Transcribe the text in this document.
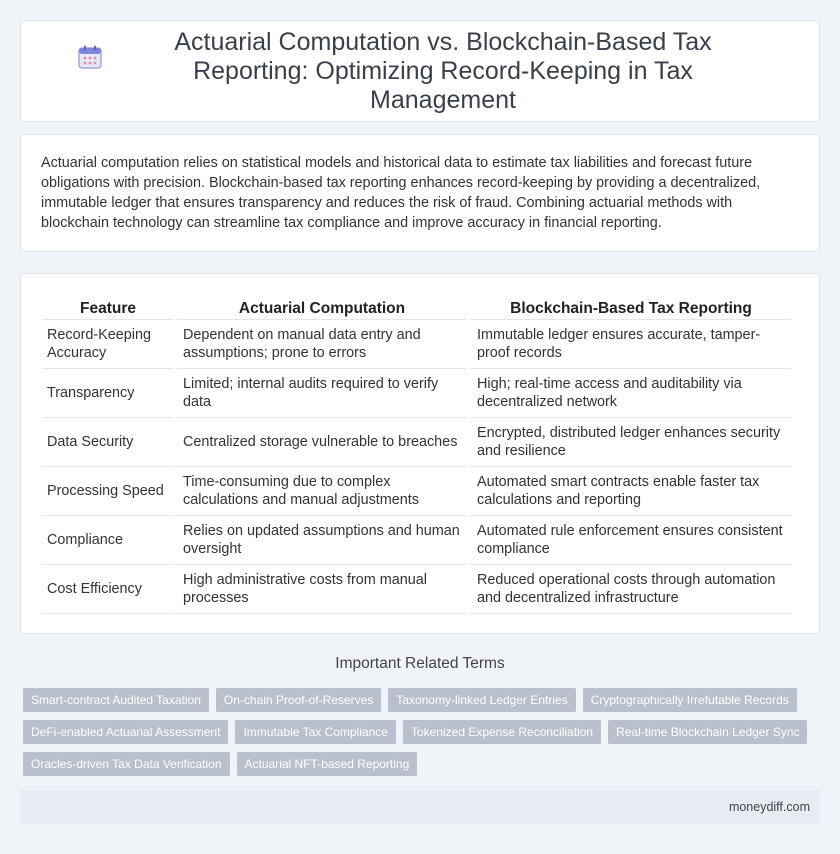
Actuarial Computation vs. Blockchain-Based Tax Reporting: Optimizing Record-Keeping in Tax Management

Actuarial computation relies on statistical models and historical data to estimate tax liabilities and forecast future obligations with precision. Blockchain-based tax reporting enhances record-keeping by providing a decentralized, immutable ledger that ensures transparency and reduces the risk of fraud. Combining actuarial methods with blockchain technology can streamline tax compliance and improve accuracy in financial reporting.

Feature	Actuarial Computation	Blockchain-Based Tax Reporting
Record-Keeping Accuracy	Dependent on manual data entry and assumptions; prone to errors	Immutable ledger ensures accurate, tamper-proof records
Transparency	Limited; internal audits required to verify data	High; real-time access and auditability via decentralized network
Data Security	Centralized storage vulnerable to breaches	Encrypted, distributed ledger enhances security and resilience
Processing Speed	Time-consuming due to complex calculations and manual adjustments	Automated smart contracts enable faster tax calculations and reporting
Compliance	Relies on updated assumptions and human oversight	Automated rule enforcement ensures consistent compliance
Cost Efficiency	High administrative costs from manual processes	Reduced operational costs through automation and decentralized infrastructure
Important Related Terms
Smart-contract Audited Taxation	On-chain Proof-of-Reserves	Taxonomy-linked Ledger Entries	Cryptographically Irrefutable Records
DeFi-enabled Actuarial Assessment	Immutable Tax Compliance	Tokenized Expense Reconciliation	Real-time Blockchain Ledger Sync
Oracles-driven Tax Data Verification	Actuarial NFT-based Reporting
moneydiff.com
